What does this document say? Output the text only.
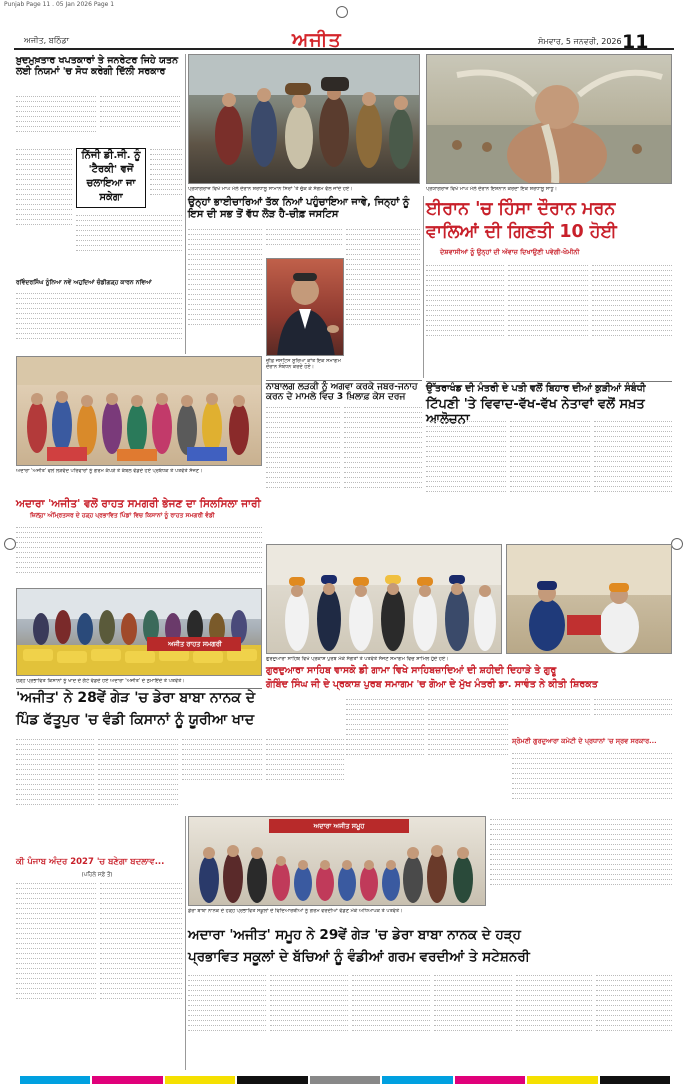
Punjab Page 11 . 05 Jan 2026 Page 1
ਅਜੀਤ, ਬਠਿੰਡਾ	ਅਜੀਤ	ਸੋਮਵਾਰ, 5 ਜਨਵਰੀ, 2026 11
ਖ਼ੁਦਮੁਖ਼ਤਾਰ ਖਪਤਕਾਰਾਂ ਤੇ ਜਨਰੇਟਰ ਜਿਹੇ ਯਤਨ ਲਈ ਨਿਯਮਾਂ 'ਚ ਸੋਧ ਕਰੇਗੀ ਦਿੱਲੀ ਸਰਕਾਰ
ਨਿੱਜੀ ਡੀ.ਜੀ. ਨੂੰ 'ਟੈਰਕੀ' ਵਜੋਂ ਚਲਾਇਆ ਜਾ ਸਕੇਗਾ
ਰਵਿੰਦਰਸਿੰਘ ਨੂੰਨਿਆ ਨਵੇਂ ਅਹੁਦਿਆਂ ਚੰਡੀਗੜ੍ਹ ਕਾਰਨ ਨਵਿਆਂ
ਪ੍ਰਯਾਗਰਾਜ ਵਿਖੇ ਮਾਘ ਮੇਲੇ ਦੌਰਾਨ ਸ਼ਰਧਾਲੂ ਸਾਮਾਨ ਸਿਰਾਂ 'ਤੇ ਚੁੱਕ ਕੇ ਸੰਗਮ ਵੱਲ ਜਾਂਦੇ ਹੋਏ।	ਪ੍ਰਯਾਗਰਾਜ ਵਿਖੇ ਮਾਘ ਮੇਲੇ ਦੌਰਾਨ ਇਸ਼ਨਾਨ ਕਰਦਾ ਇਕ ਸ਼ਰਧਾਲੂ ਸਾਧੂ।
ਉਨ੍ਹਾਂ ਭਾਈਚਾਰਿਆਂ ਤੱਕ ਨਿਆਂ ਪਹੁੰਚਾਇਆ ਜਾਵੇ, ਜਿਨ੍ਹਾਂ ਨੂੰ ਇਸ ਦੀ ਸਭ ਤੋਂ ਵੱਧ ਲੋੜ ਹੈ-ਚੀਫ਼ ਜਸਟਿਸ
ਚੀਫ਼ ਜਸਟਿਸ ਸੂਰਿਆ ਕਾਂਤ ਇਕ ਸਮਾਗਮ ਦੌਰਾਨ ਸੰਬੋਧਨ ਕਰਦੇ ਹੋਏ।
ਈਰਾਨ 'ਚ ਹਿੰਸਾ ਦੌਰਾਨ ਮਰਨ ਵਾਲਿਆਂ ਦੀ ਗਿਣਤੀ 10 ਹੋਈ
ਦੇਸ਼ਵਾਸੀਆਂ ਨੂੰ ਉਨ੍ਹਾਂ ਦੀ ਅੱਵਾਜ਼ ਦਿਖਾਉਣੀ ਪਵੇਗੀ-ਖੋਮੀਨੀ
ਉੱਤਰਾਖੰਡ ਦੀ ਮੰਤਰੀ ਦੇ ਪਤੀ ਵਲੋਂ ਬਿਹਾਰ ਦੀਆਂ ਕੁੜੀਆਂ ਸੰਬੰਧੀ
ਟਿੱਪਣੀ 'ਤੇ ਵਿਵਾਦ-ਵੱਖ-ਵੱਖ ਨੇਤਾਵਾਂ ਵਲੋਂ ਸਖ਼ਤ ਆਲੋਚਨਾ
ਨਾਬਾਲਗ ਲੜਕੀ ਨੂੰ ਅਗਵਾ ਕਰਕੇ ਜਬਰ-ਜਨਾਹ ਕਰਨ ਦੇ ਮਾਮਲੇ ਵਿਚ 3 ਖ਼ਿਲਾਫ਼ ਕੇਸ ਦਰਜ
ਅਦਾਰਾ 'ਅਜੀਤ' ਵਲੋਂ ਲੋੜਵੰਦ ਪਰਿਵਾਰਾਂ ਨੂੰ ਗਰਮ ਕੱਪੜੇ ਤੇ ਕੰਬਲ ਵੰਡਦੇ ਹੋਏ ਪ੍ਰਬੰਧਕ ਤੇ ਪਤਵੰਤੇ ਸੱਜਣ।
ਅਦਾਰਾ 'ਅਜੀਤ' ਵਲੋਂ ਰਾਹਤ ਸਮਗਰੀ ਭੇਜਣ ਦਾ ਸਿਲਸਿਲਾ ਜਾਰੀ
ਜ਼ਿਲ੍ਹਾ ਅੰਮ੍ਰਿਤਸਰ ਦੇ ਹੜ੍ਹ ਪ੍ਰਭਾਵਿਤ ਪਿੰਡਾਂ ਵਿਚ ਕਿਸਾਨਾਂ ਨੂੰ ਰਾਹਤ ਸਮਗਰੀ ਵੰਡੀ
ਅਜੀਤ ਰਾਹਤ ਸਮਗਰੀ
ਹੜ੍ਹ ਪ੍ਰਭਾਵਿਤ ਕਿਸਾਨਾਂ ਨੂੰ ਖਾਦ ਦੇ ਗੱਟੇ ਵੰਡਦੇ ਹੋਏ ਅਦਾਰਾ 'ਅਜੀਤ' ਦੇ ਨੁਮਾਇੰਦੇ ਤੇ ਪਤਵੰਤੇ।
ਗੁਰਦੁਆਰਾ ਸਾਹਿਬ ਵਿਖੇ ਪ੍ਰਕਾਸ਼ ਪੁਰਬ ਮੌਕੇ ਸੰਗਤਾਂ ਤੇ ਪਤਵੰਤੇ ਸੱਜਣ ਸਮਾਗਮ ਵਿਚ ਸ਼ਾਮਿਲ ਹੁੰਦੇ ਹੋਏ।
ਗੁਰਦੁਆਰਾ ਸਾਹਿਬ ਵਾਸਕੋ ਡੀ ਗਾਮਾ ਵਿਖੇ ਸਾਹਿਬਜ਼ਾਦਿਆਂ ਦੀ ਸ਼ਹੀਦੀ ਦਿਹਾੜੇ ਤੇ ਗੁਰੂ
ਗੋਬਿੰਦ ਸਿੰਘ ਜੀ ਦੇ ਪ੍ਰਕਾਸ਼ ਪੁਰਬ ਸਮਾਗਮ 'ਚ ਗੋਆ ਦੇ ਮੁੱਖ ਮੰਤਰੀ ਡਾ. ਸਾਵੰਤ ਨੇ ਕੀਤੀ ਸ਼ਿਰਕਤ
ਸ਼੍ਰੋਮਣੀ ਗੁਰਦੁਆਰਾ ਕਮੇਟੀ ਦੇ ਪ੍ਰਧਾਨਾਂ 'ਚ ਸ੍ਰਵ ਸਰਕਾਰ...
'ਅਜੀਤ' ਨੇ 28ਵੇਂ ਗੇੜ 'ਚ ਡੇਰਾ ਬਾਬਾ ਨਾਨਕ ਦੇ
ਪਿੰਡ ਫੱਤੂਪੁਰ 'ਚ ਵੰਡੀ ਕਿਸਾਨਾਂ ਨੂੰ ਯੂਰੀਆ ਖਾਦ
ਕੀ ਪੰਜਾਬ ਅੰਦਰ 2027 'ਚ ਬਣੇਗਾ ਬਦਲਾਵ...
(ਪਹਿਲੇ ਸਫ਼ੇ ਤੋਂ)
ਅਦਾਰਾ ਅਜੀਤ ਸਮੂਹ
ਡੇਰਾ ਬਾਬਾ ਨਾਨਕ ਦੇ ਹੜ੍ਹ ਪ੍ਰਭਾਵਿਤ ਸਕੂਲਾਂ ਦੇ ਵਿਦਿਆਰਥੀਆਂ ਨੂੰ ਗਰਮ ਵਰਦੀਆਂ ਵੰਡਣ ਮੌਕੇ ਅਧਿਆਪਕ ਤੇ ਪਤਵੰਤੇ।
ਅਦਾਰਾ 'ਅਜੀਤ' ਸਮੂਹ ਨੇ 29ਵੇਂ ਗੇੜ 'ਚ ਡੇਰਾ ਬਾਬਾ ਨਾਨਕ ਦੇ ਹੜ੍ਹ
ਪ੍ਰਭਾਵਿਤ ਸਕੂਲਾਂ ਦੇ ਬੱਚਿਆਂ ਨੂੰ ਵੰਡੀਆਂ ਗਰਮ ਵਰਦੀਆਂ ਤੇ ਸਟੇਸ਼ਨਰੀ
